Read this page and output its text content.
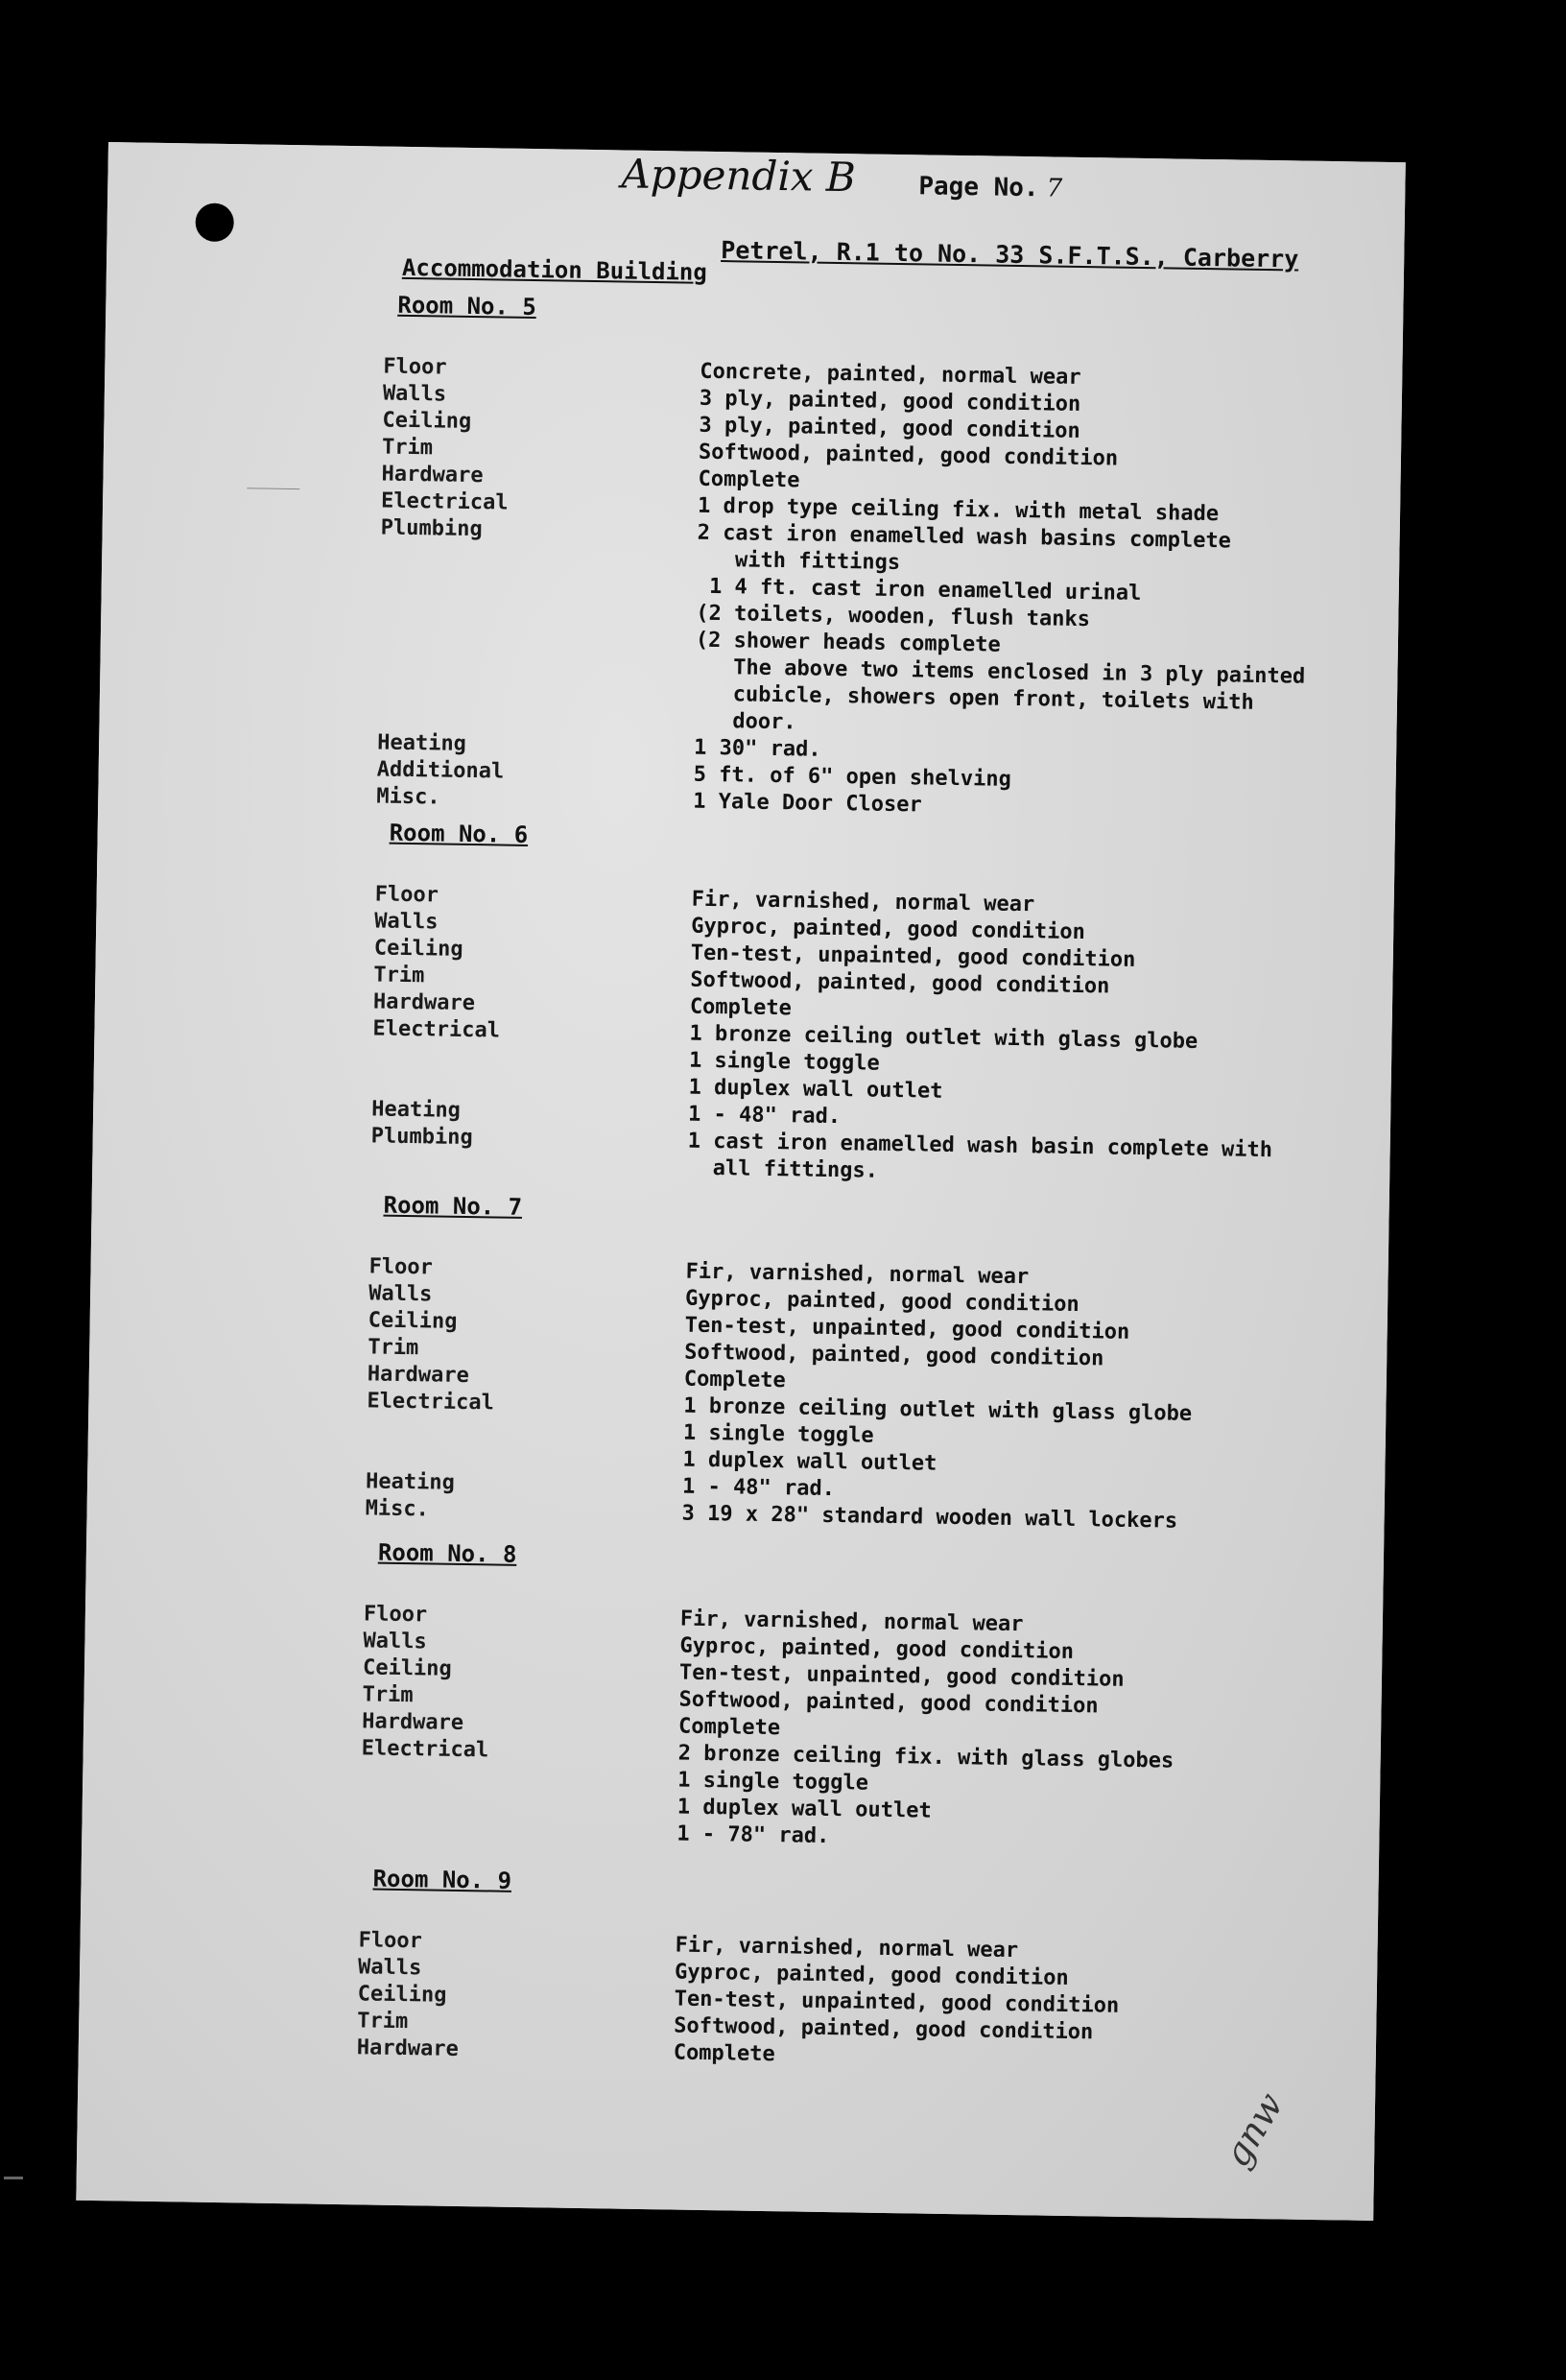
Appendix B	Page No. 7
Petrel, R.1 to No. 33 S.F.T.S., Carberry
Accommodation Building
Room No. 5
Floor	Concrete, painted, normal wear
Walls	3 ply, painted, good condition
Ceiling	3 ply, painted, good condition
Trim	Softwood, painted, good condition
Hardware	Complete
Electrical	1 drop type ceiling fix. with metal shade
Plumbing	2 cast iron enamelled wash basins complete
with fittings
1 4 ft. cast iron enamelled urinal
(2 toilets, wooden, flush tanks
(2 shower heads complete
The above two items enclosed in 3 ply painted
cubicle, showers open front, toilets with
door.
Heating	1 30" rad.
Additional	5 ft. of 6" open shelving
Misc.	1 Yale Door Closer
Room No. 6
Floor	Fir, varnished, normal wear
Walls	Gyproc, painted, good condition
Ceiling	Ten-test, unpainted, good condition
Trim	Softwood, painted, good condition
Hardware	Complete
Electrical	1 bronze ceiling outlet with glass globe
1 single toggle
1 duplex wall outlet
Heating	1 - 48" rad.
Plumbing	1 cast iron enamelled wash basin complete with
all fittings.
Room No. 7
Floor	Fir, varnished, normal wear
Walls	Gyproc, painted, good condition
Ceiling	Ten-test, unpainted, good condition
Trim	Softwood, painted, good condition
Hardware	Complete
Electrical	1 bronze ceiling outlet with glass globe
1 single toggle
1 duplex wall outlet
Heating	1 - 48" rad.
Misc.	3 19 x 28" standard wooden wall lockers
Room No. 8
Floor	Fir, varnished, normal wear
Walls	Gyproc, painted, good condition
Ceiling	Ten-test, unpainted, good condition
Trim	Softwood, painted, good condition
Hardware	Complete
Electrical	2 bronze ceiling fix. with glass globes
1 single toggle
1 duplex wall outlet
1 - 78" rad.
Room No. 9
Floor	Fir, varnished, normal wear
Walls	Gyproc, painted, good condition
Ceiling	Ten-test, unpainted, good condition
Trim	Softwood, painted, good condition
Hardware	Complete
gnw
